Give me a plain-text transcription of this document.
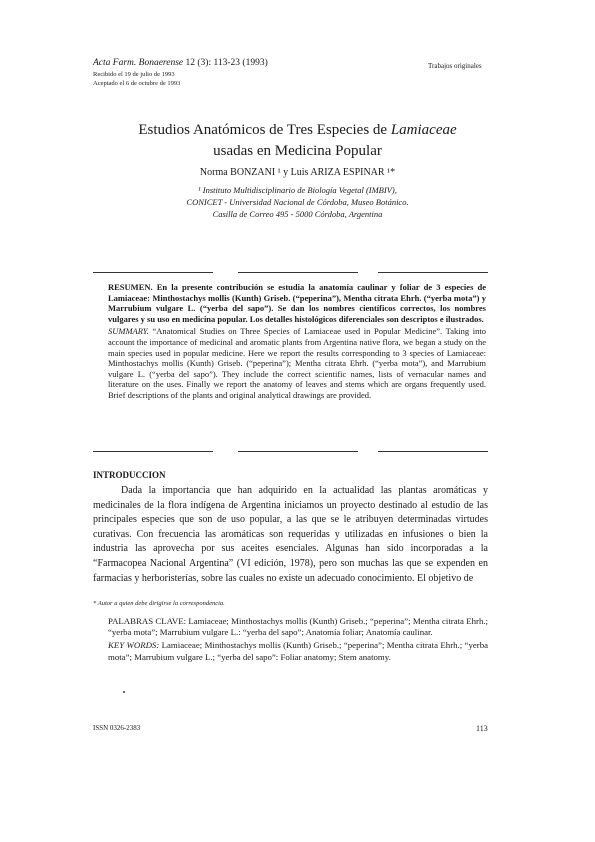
Acta Farm. Bonaerense 12 (3): 113-23 (1993)	Trabajos originales
Recibido el 19 de julio de 1993
Aceptado el 6 de octubre de 1993
Estudios Anatómicos de Tres Especies de Lamiaceae
usadas en Medicina Popular
Norma BONZANI ¹ y Luis ARIZA ESPINAR ¹*
¹ Instituto Multidisciplinario de Biología Vegetal (IMBIV),
CONICET - Universidad Nacional de Córdoba, Museo Botánico.
Casilla de Correo 495 - 5000 Córdoba, Argentina

RESUMEN. En la presente contribución se estudia la anatomía caulinar y foliar de 3 especies de Lamiaceae: Minthostachys mollis (Kunth) Griseb. (“peperina”), Mentha citrata Ehrh. (“yerba mota”) y Marrubium vulgare L. (“yerba del sapo”). Se dan los nombres científicos correctos, los nombres vulgares y su uso en medicina popular. Los detalles histológicos diferenciales son descriptos e ilustrados.

SUMMARY. “Anatomical Studies on Three Species of Lamiaceae used in Popular Medicine”. Taking into account the importance of medicinal and aromatic plants from Argentina native flora, we began a study on the main species used in popular medicine. Here we report the results corresponding to 3 species of Lamiaceae: Minthostachys mollis (Kunth) Griseb. (“peperina”); Mentha citrata Ehrh. (“yerba mota”), and Marrubium vulgare L. (“yerba del sapo”). They include the correct scientific names, lists of vernacular names and literature on the uses. Finally we report the anatomy of leaves and stems which are organs frequently used. Brief descriptions of the plants and original analytical drawings are provided.

INTRODUCCION
Dada la importancia que han adquirido en la actualidad las plantas aromáticas y medicinales de la flora indígena de Argentina iniciamos un proyecto destinado al estudio de las principales especies que son de uso popular, a las que se le atribuyen determinadas virtudes curativas. Con frecuencia las aromáticas son requeridas y utilizadas en infusiones o bien la industria las aprovecha por sus aceites esenciales. Algunas han sido incorporadas a la “Farmacopea Nacional Argentina” (VI edición, 1978), pero son muchas las que se expenden en farmacias y herboristerías, sobre las cuales no existe un adecuado conocimiento. El objetivo de
* Autor a quien debe dirigirse la correspondencia.

PALABRAS CLAVE: Lamiaceae; Minthostachys mollis (Kunth) Griseb.; “peperina”; Mentha citrata Ehrh.; “yerba mota”; Marrubium vulgare L.: “yerba del sapo”; Anatomía foliar; Anatomía caulinar.

KEY WORDS: Lamiaceae; Minthostachys mollis (Kunth) Griseb.; “peperina”; Mentha citrata Ehrh.; “yerba mota”; Marrubium vulgare L.; “yerba del sapo”: Foliar anatomy; Stem anatomy.

ISSN 0326-2383	113
